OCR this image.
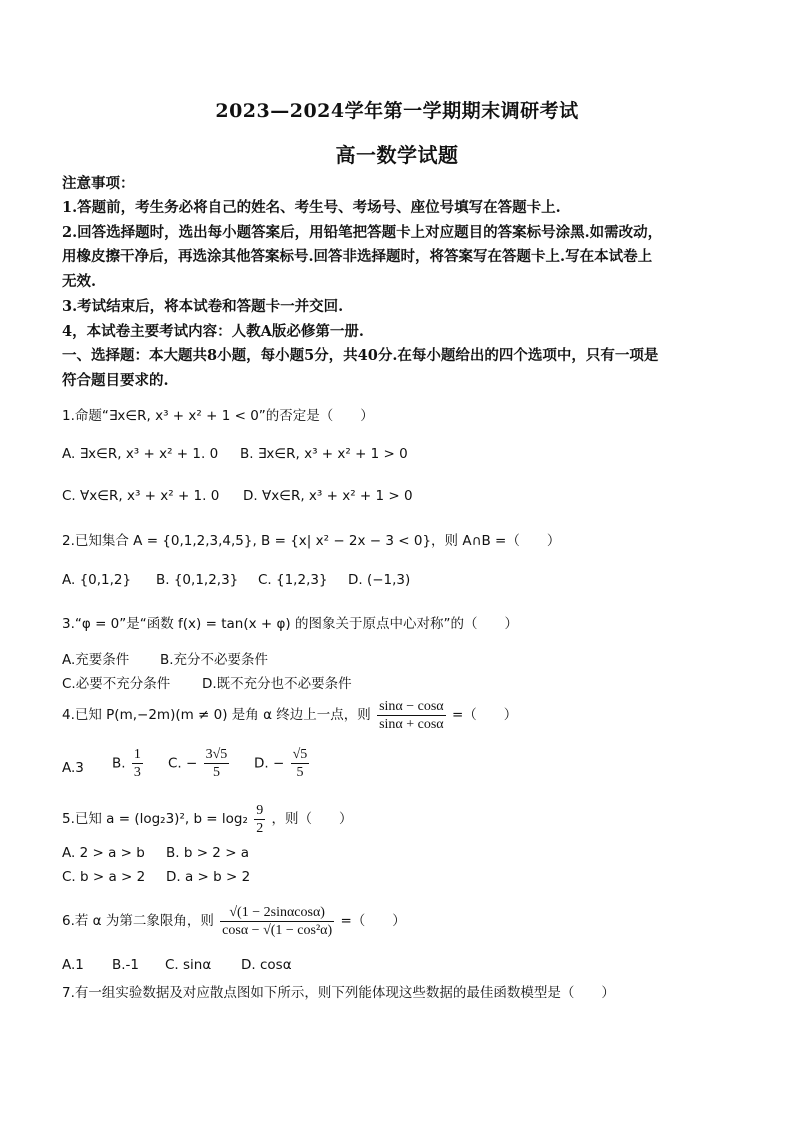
2023—2024学年第一学期期末调研考试
高一数学试题
注意事项：
1.答题前，考生务必将自己的姓名、考生号、考场号、座位号填写在答题卡上.
2.回答选择题时，选出每小题答案后，用铅笔把答题卡上对应题目的答案标号涂黑.如需改动，
用橡皮擦干净后，再选涂其他答案标号.回答非选择题时，将答案写在答题卡上.写在本试卷上
无效.
3.考试结束后，将本试卷和答题卡一并交回.
4，本试卷主要考试内容：人教A版必修第一册.
一、选择题：本大题共8小题，每小题5分，共40分.在每小题给出的四个选项中，只有一项是
符合题目要求的.
1.命题“∃x∈R, x³ + x² + 1 < 0”的否定是（　　）
A. ∃x∈R, x³ + x² + 1. 0 B. ∃x∈R, x³ + x² + 1 > 0
C. ∀x∈R, x³ + x² + 1. 0 D. ∀x∈R, x³ + x² + 1 > 0
2.已知集合 A = {0,1,2,3,4,5}, B = {x| x² − 2x − 3 < 0}，则 A∩B =（　　）
A. {0,1,2} B. {0,1,2,3} C. {1,2,3} D. (−1,3)
3.“φ = 0”是“函数 f(x) = tan(x + φ) 的图象关于原点中心对称”的（　　）
A.充要条件 B.充分不必要条件
C.必要不充分条件 D.既不充分也不必要条件
4.已知 P(m,−2m)(m ≠ 0) 是角 α 终边上一点，则 $\frac{\sin\alpha - \cos\alpha}{\sin\alpha + \cos\alpha}$ =（　　）
A.3 B. $\frac{1}{3} C$. − $\frac{3√5}{5} D$. − $\frac{√5}{5}$
5.已知 a = (log₂3)², $b = \log_2 \frac{9}{2}$ ，则（　　）
A. 2 > a > b B. b > 2 > a
C. b > a > 2 D. a > b > 2
6.若 α 为第二象限角，则 $\frac{√(1 - 2\sin\alpha\cos\alpha)}{\text{cosα − √(1 − cos²α)}}$ =（　　）
A.1 B.-1 C. sinα D. cosα
7.有一组实验数据及对应散点图如下所示，则下列能体现这些数据的最佳函数模型是（　　）
